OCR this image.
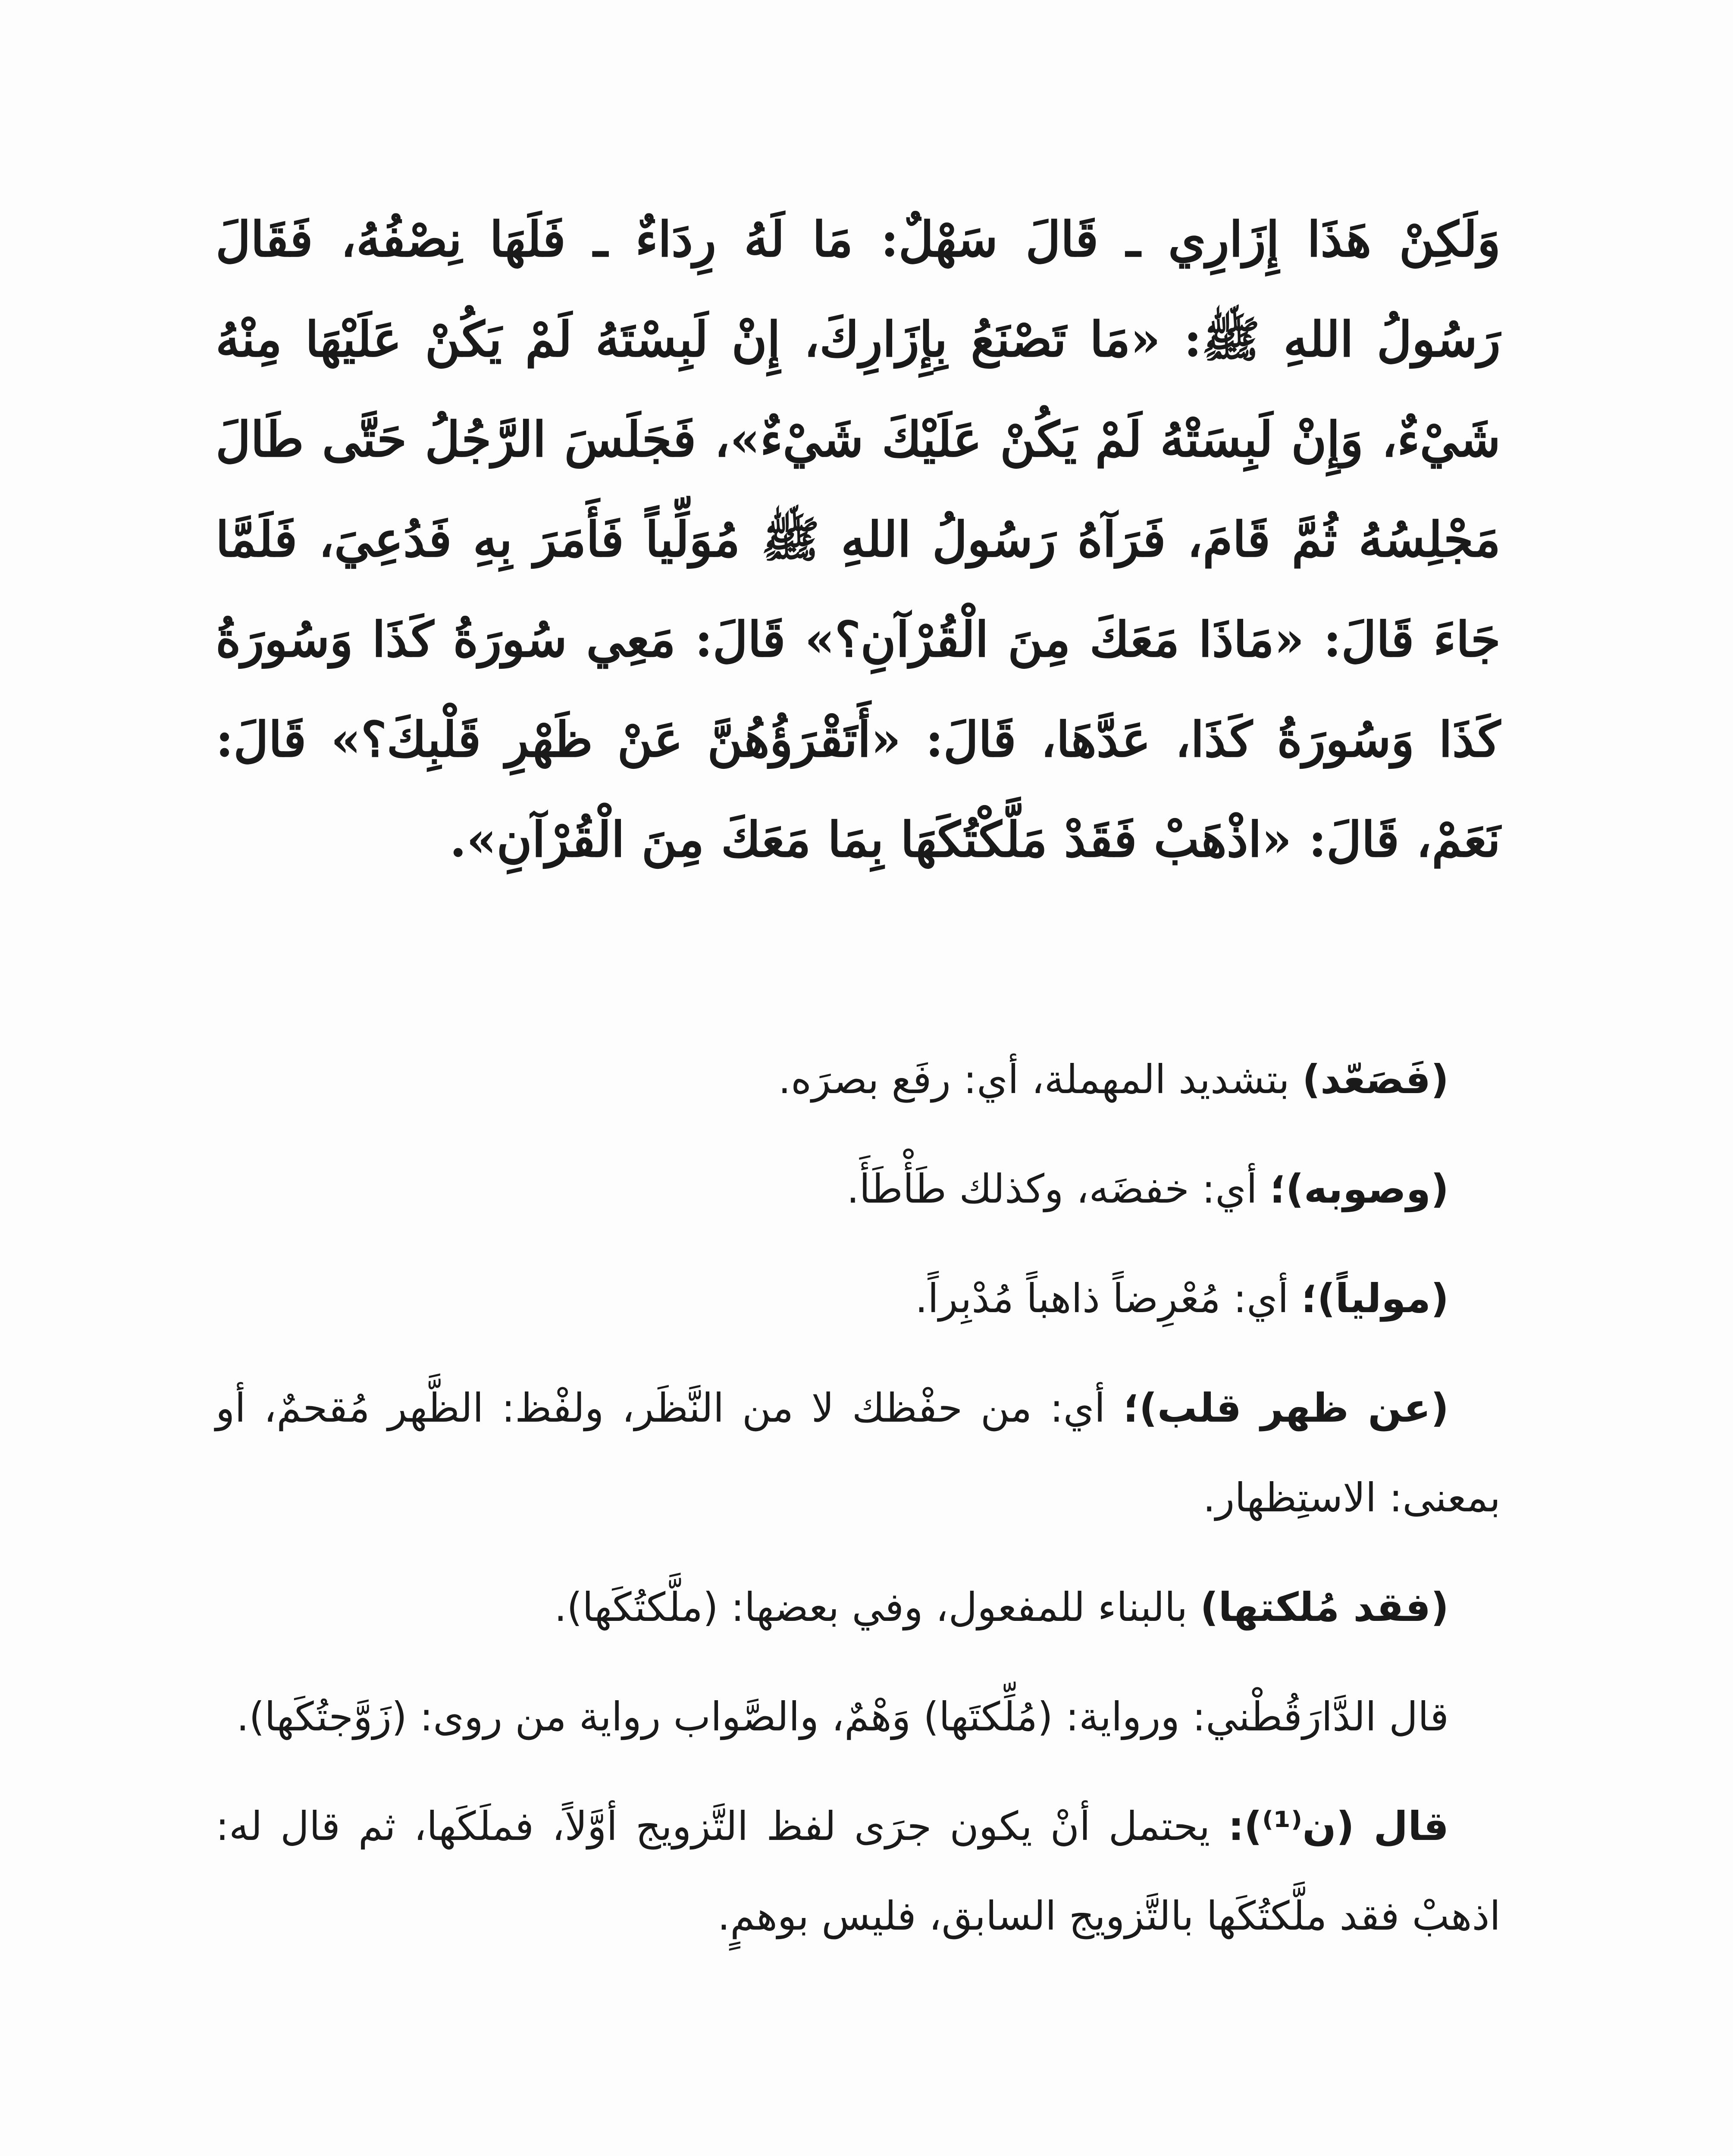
وَلَكِنْ هَذَا إِزَارِي ـ قَالَ سَهْلٌ: مَا لَهُ رِدَاءٌ ـ فَلَهَا نِصْفُهُ، فَقَالَ رَسُولُ اللهِ ﷺ: «مَا تَصْنَعُ بِإِزَارِكَ، إِنْ لَبِسْتَهُ لَمْ يَكُنْ عَلَيْهَا مِنْهُ شَيْءٌ، وَإِنْ لَبِسَتْهُ لَمْ يَكُنْ عَلَيْكَ شَيْءٌ»، فَجَلَسَ الرَّجُلُ حَتَّى طَالَ مَجْلِسُهُ ثُمَّ قَامَ، فَرَآهُ رَسُولُ اللهِ ﷺ مُوَلِّياً فَأَمَرَ بِهِ فَدُعِيَ، فَلَمَّا جَاءَ قَالَ: «مَاذَا مَعَكَ مِنَ الْقُرْآنِ؟» قَالَ: مَعِي سُورَةُ كَذَا وَسُورَةُ كَذَا وَسُورَةُ كَذَا، عَدَّهَا، قَالَ: «أَتَقْرَؤُهُنَّ عَنْ ظَهْرِ قَلْبِكَ؟» قَالَ: نَعَمْ، قَالَ: «اذْهَبْ فَقَدْ مَلَّكْتُكَهَا بِمَا مَعَكَ مِنَ الْقُرْآنِ».

(فَصَعّد) بتشديد المهملة، أي: رفَع بصرَه.

(وصوبه)؛ أي: خفضَه، وكذلك طَأْطَأَ.

(مولياً)؛ أي: مُعْرِضاً ذاهباً مُدْبِراً.

(عن ظهر قلب)؛ أي: من حفْظك لا من النَّظَر، ولفْظ: الظَّهر مُقحمٌ، أو بمعنى: الاستِظهار.

(فقد مُلكتها) بالبناء للمفعول، وفي بعضها: (ملَّكتُكَها).

قال الدَّارَقُطْني: ورواية: (مُلِّكتَها) وَهْمٌ، والصَّواب رواية من روى: (زَوَّجتُكَها).

قال (ن⁽¹⁾): يحتمل أنْ يكون جرَى لفظ التَّزويج أوَّلاً، فملَكَها، ثم قال له: اذهبْ فقد ملَّكتُكَها بالتَّزويج السابق، فليس بوهمٍ.
